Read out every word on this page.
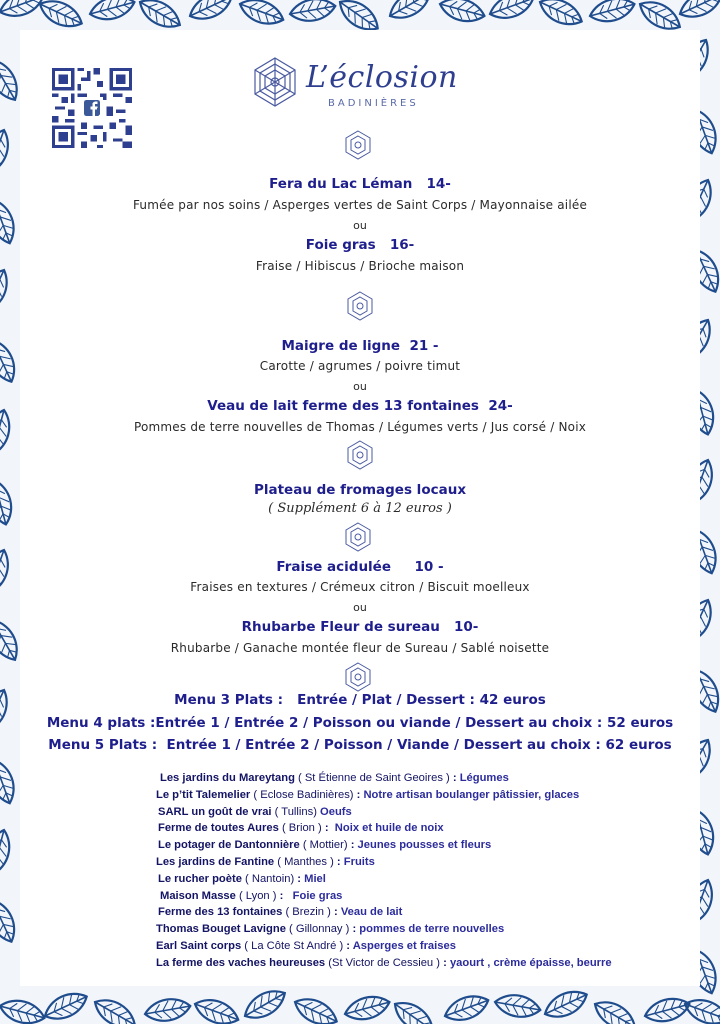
L’éclosion
BADINIÈRES
Fera du Lac Léman 14-
Fumée par nos soins / Asperges vertes de Saint Corps / Mayonnaise ailée
ou
Foie gras 16-
Fraise / Hibiscus / Brioche maison
Maigre de ligne 21 -
Carotte / agrumes / poivre timut
ou
Veau de lait ferme des 13 fontaines 24-
Pommes de terre nouvelles de Thomas / Légumes verts / Jus corsé / Noix
Plateau de fromages locaux
( Supplément 6 à 12 euros )
Fraise acidulée 10 -
Fraises en textures / Crémeux citron / Biscuit moelleux
ou
Rhubarbe Fleur de sureau 10-
Rhubarbe / Ganache montée fleur de Sureau / Sablé noisette
Menu 3 Plats : Entrée / Plat / Dessert : 42 euros
Menu 4 plats :Entrée 1 / Entrée 2 / Poisson ou viande / Dessert au choix : 52 euros
Menu 5 Plats : Entrée 1 / Entrée 2 / Poisson / Viande / Dessert au choix : 62 euros
Les jardins du Mareytang ( St Étienne de Saint Geoires ) : Légumes
Le p’tit Talemelier ( Eclose Badinières) : Notre artisan boulanger pâtissier, glaces
SARL un goût de vrai ( Tullins) Oeufs
Ferme de toutes Aures ( Brion ) :  Noix et huile de noix
Le potager de Dantonnière ( Mottier) : Jeunes pousses et fleurs
Les jardins de Fantine ( Manthes ) : Fruits
Le rucher poète ( Nantoin) : Miel
Maison Masse ( Lyon ) :   Foie gras
Ferme des 13 fontaines ( Brezin ) : Veau de lait
Thomas Bouget Lavigne ( Gillonnay ) : pommes de terre nouvelles
Earl Saint corps ( La Côte St André ) : Asperges et fraises
La ferme des vaches heureuses (St Victor de Cessieu ) : yaourt , crème épaisse, beurre
